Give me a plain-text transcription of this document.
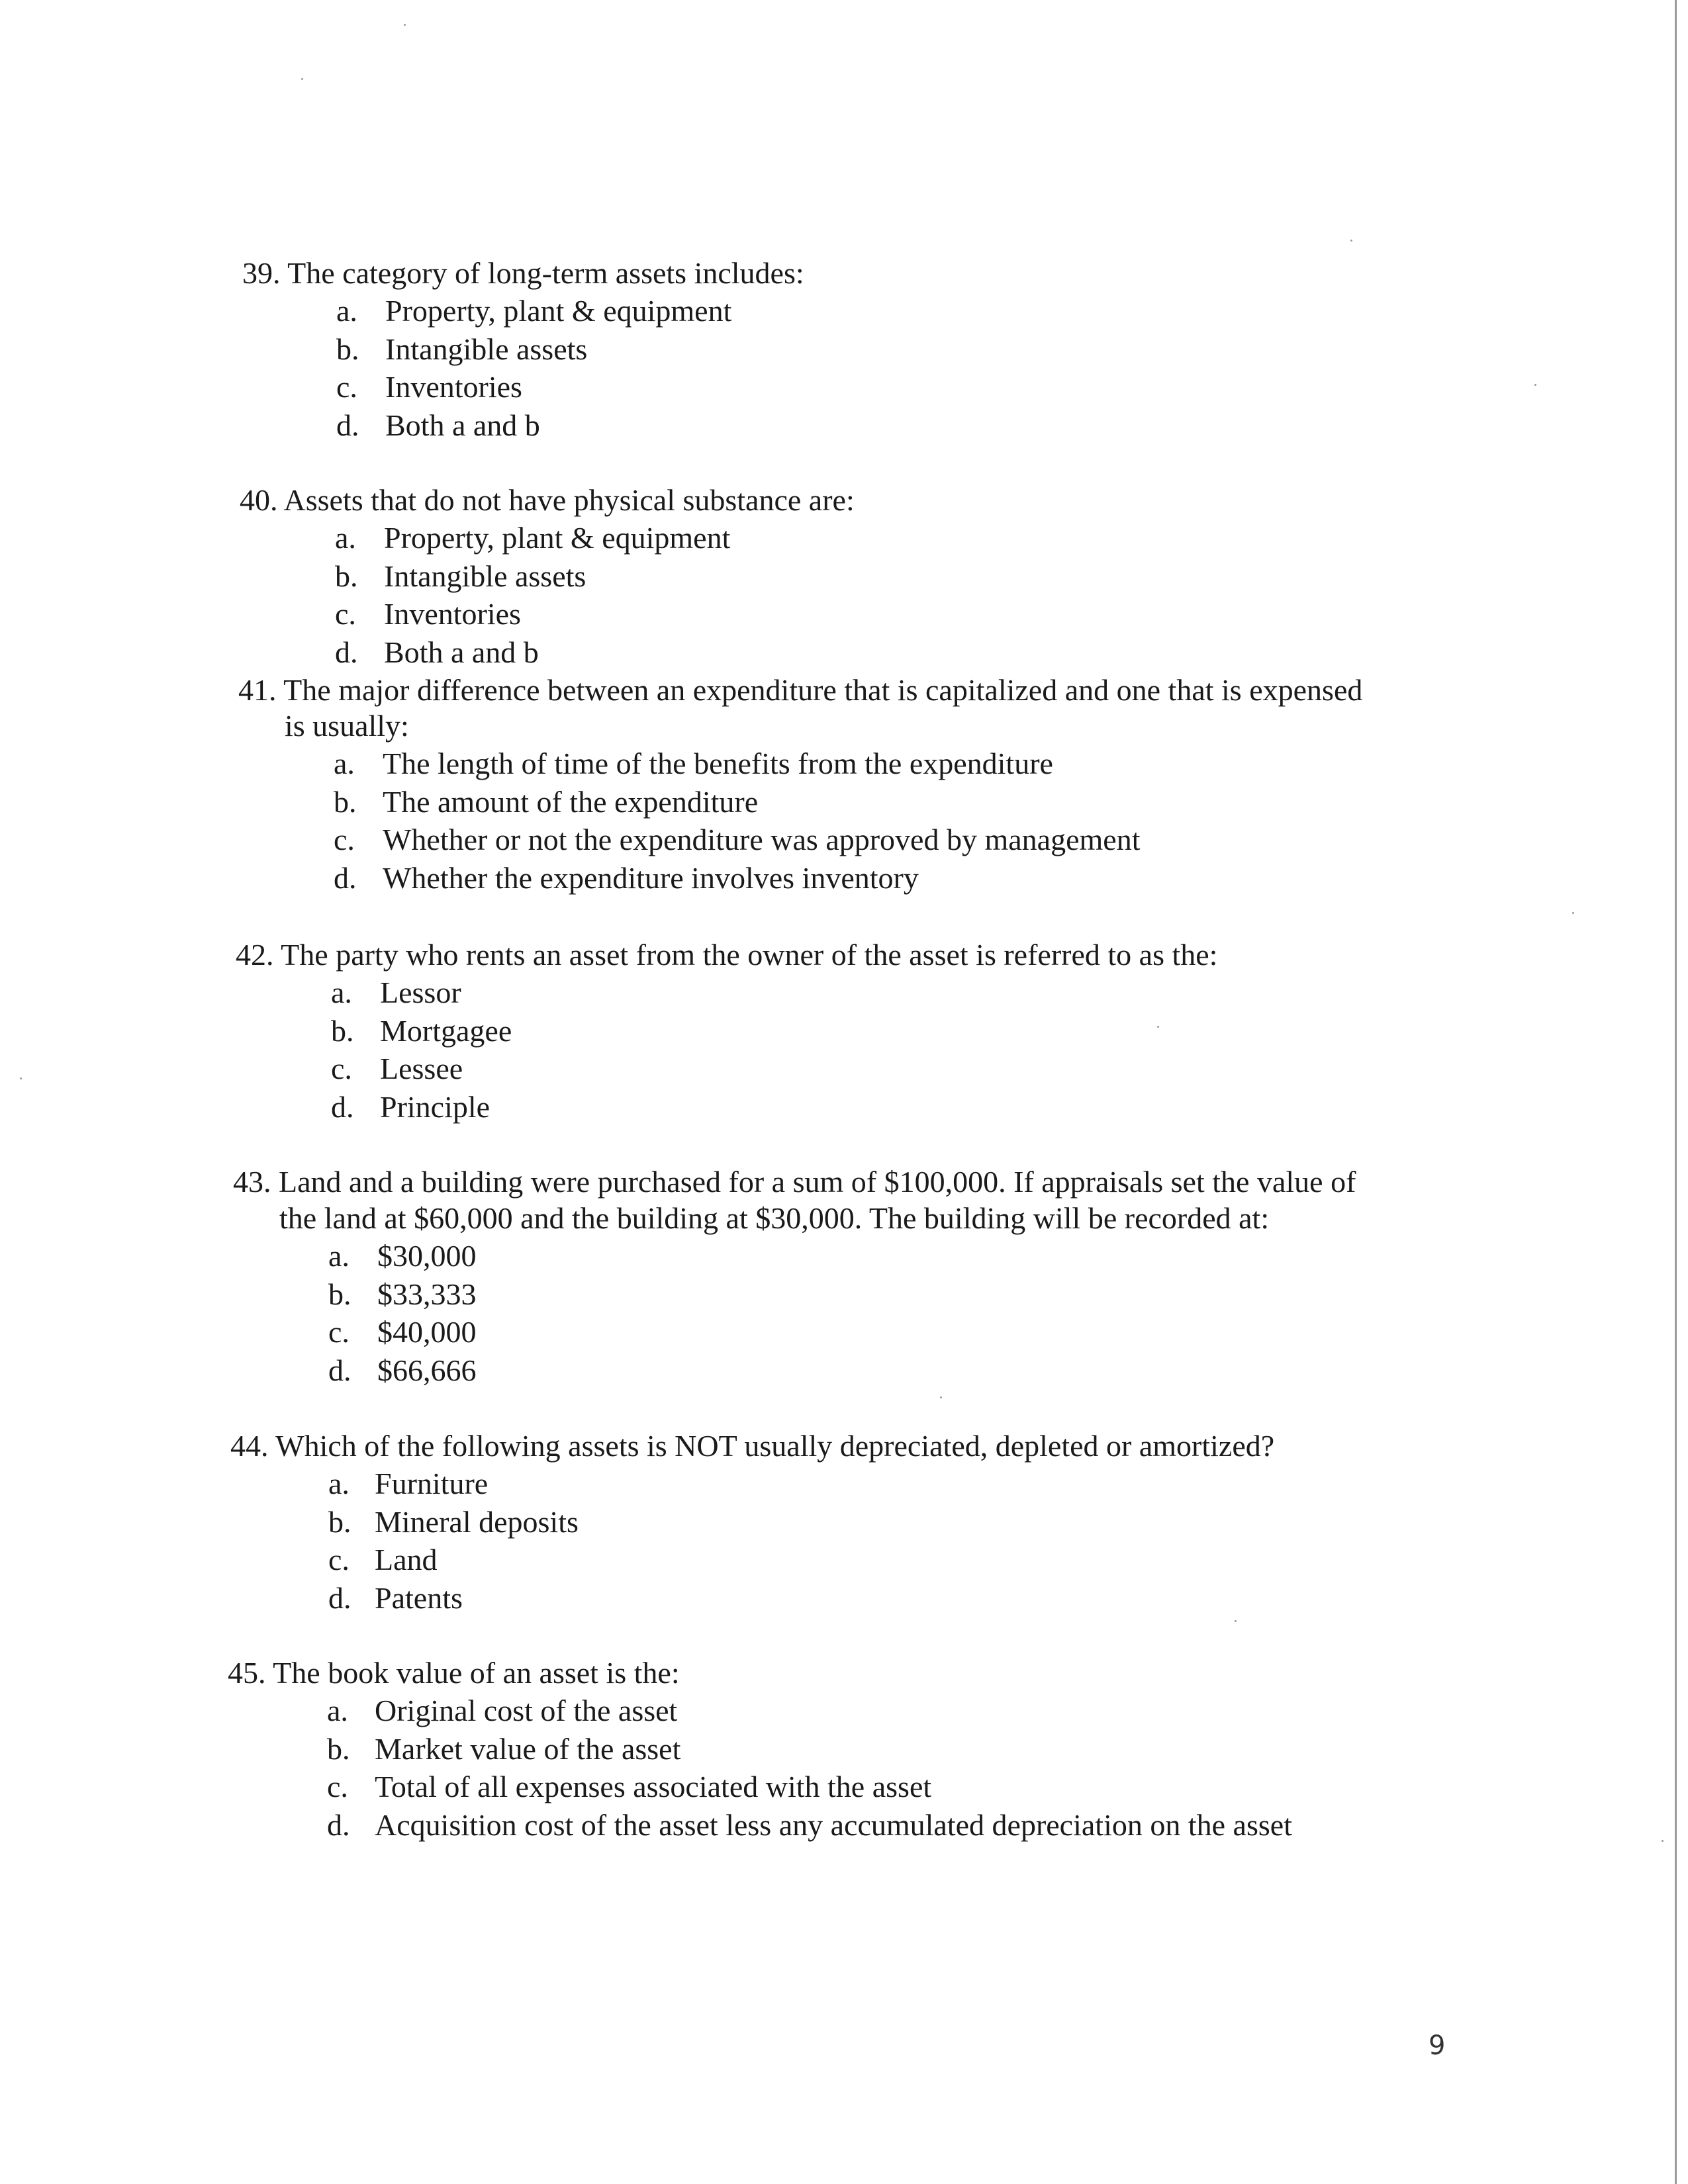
39. The category of long-term assets includes:
a. Property, plant & equipment
b. Intangible assets
c. Inventories
d. Both a and b
40. Assets that do not have physical substance are:
a. Property, plant & equipment
b. Intangible assets
c. Inventories
d. Both a and b
41. The major difference between an expenditure that is capitalized and one that is expensed
is usually:
a. The length of time of the benefits from the expenditure
b. The amount of the expenditure
c. Whether or not the expenditure was approved by management
d. Whether the expenditure involves inventory
42. The party who rents an asset from the owner of the asset is referred to as the:
a. Lessor
b. Mortgagee
c. Lessee
d. Principle
43. Land and a building were purchased for a sum of $100,000. If appraisals set the value of
the land at $60,000 and the building at $30,000. The building will be recorded at:
a. $30,000
b. $33,333
c. $40,000
d. $66,666
44. Which of the following assets is NOT usually depreciated, depleted or amortized?
a. Furniture
b. Mineral deposits
c. Land
d. Patents
45. The book value of an asset is the:
a. Original cost of the asset
b. Market value of the asset
c. Total of all expenses associated with the asset
d. Acquisition cost of the asset less any accumulated depreciation on the asset
9
